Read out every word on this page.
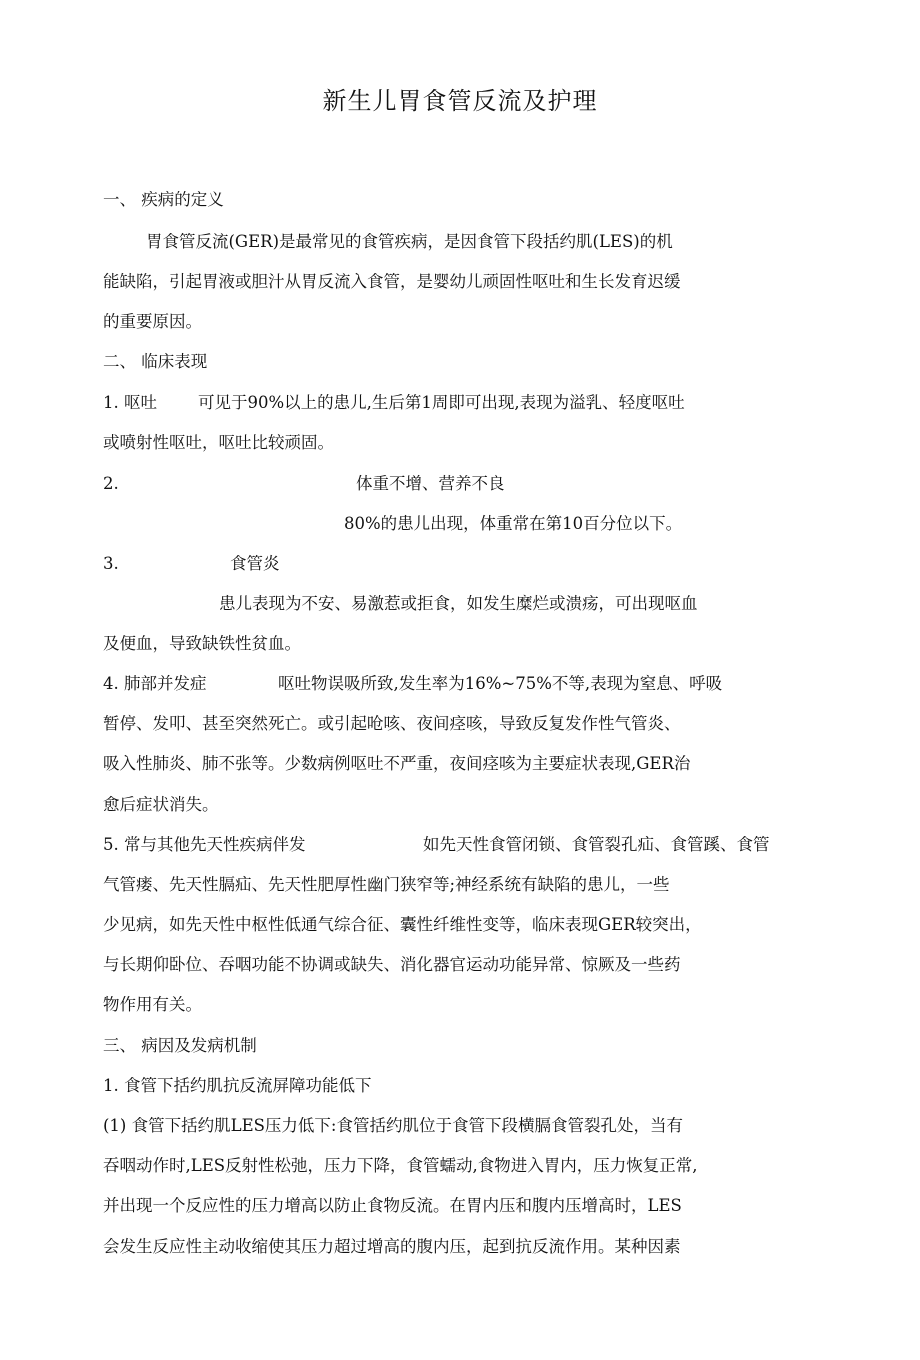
新生儿胃食管反流及护理
一、 疾病的定义
胃食管反流(GER)是最常见的食管疾病，是因食管下段括约肌(LES)的机
能缺陷，引起胃液或胆汁从胃反流入食管，是婴幼儿顽固性呕吐和生长发育迟缓
的重要原因。
二、 临床表现
1. 呕吐 可见于90%以上的患儿,生后第1周即可出现,表现为溢乳、轻度呕吐
或喷射性呕吐，呕吐比较顽固。
2.	体重不增、营养不良
80%的患儿出现，体重常在第10百分位以下。
3.	食管炎
患儿表现为不安、易激惹或拒食，如发生糜烂或溃疡，可出现呕血
及便血，导致缺铁性贫血。
4. 肺部并发症	呕吐物误吸所致,发生率为16%~75%不等,表现为窒息、呼吸
暂停、发叩、甚至突然死亡。或引起呛咳、夜间痉咳，导致反复发作性气管炎、
吸入性肺炎、肺不张等。少数病例呕吐不严重，夜间痉咳为主要症状表现,GER治
愈后症状消失。
5. 常与其他先天性疾病伴发	如先天性食管闭锁、食管裂孔疝、食管蹊、食管
气管瘘、先天性膈疝、先天性肥厚性幽门狭窄等;神经系统有缺陷的患儿，一些
少见病，如先天性中枢性低通气综合征、囊性纤维性变等，临床表现GER较突出，
与长期仰卧位、吞咽功能不协调或缺失、消化器官运动功能异常、惊厥及一些药
物作用有关。
三、 病因及发病机制
1. 食管下括约肌抗反流屏障功能低下
(1) 食管下括约肌LES压力低下:食管括约肌位于食管下段横膈食管裂孔处，当有
吞咽动作时,LES反射性松弛，压力下降，食管蠕动,食物进入胃内，压力恢复正常,
并出现一个反应性的压力增高以防止食物反流。在胃内压和腹内压增高时，LES
会发生反应性主动收缩使其压力超过增高的腹内压，起到抗反流作用。某种因素
